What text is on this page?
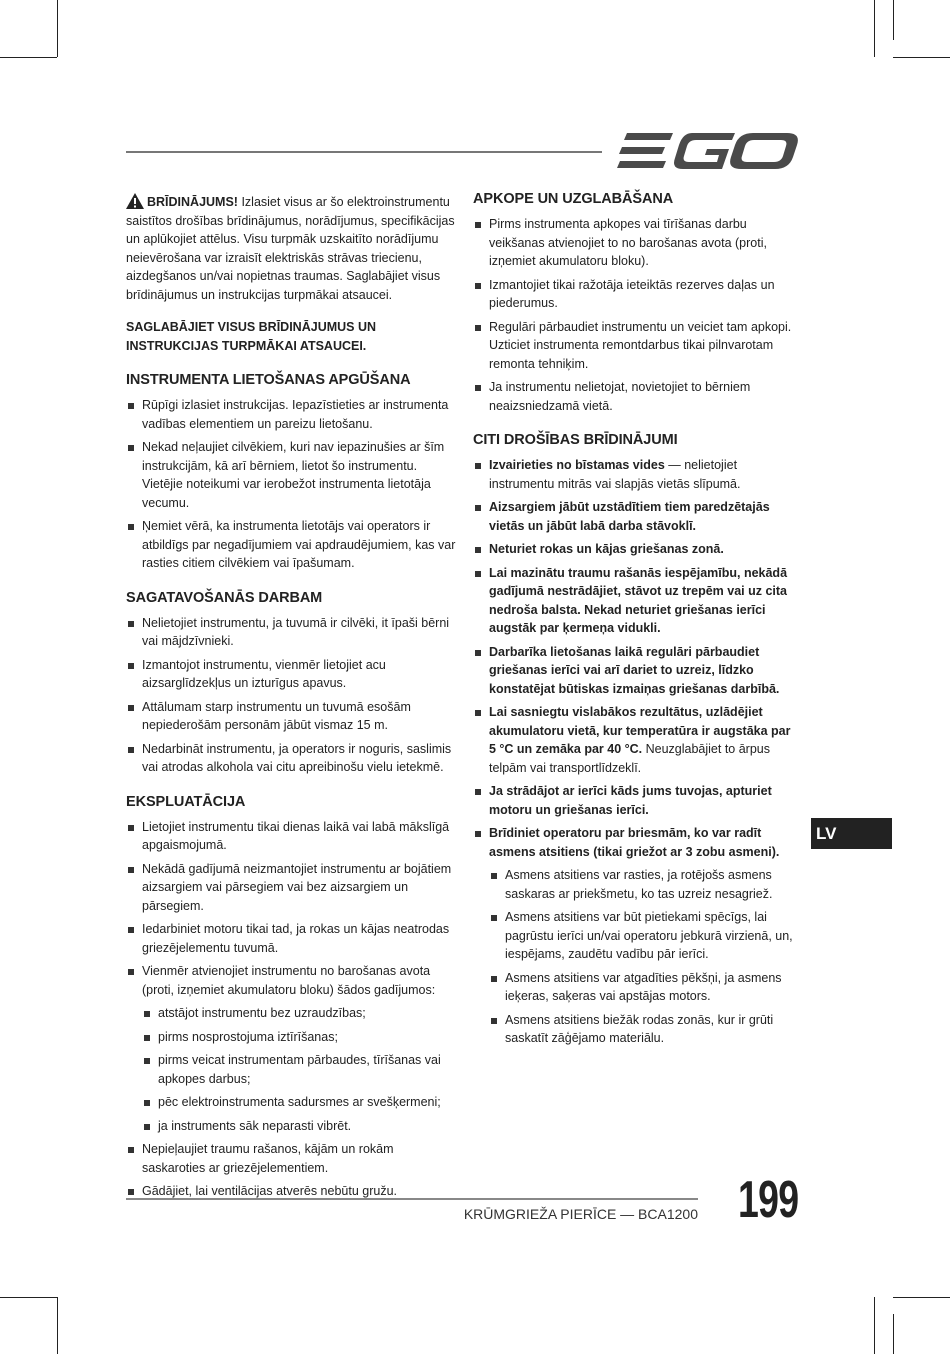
BRĪDINĀJUMS! Izlasiet visus ar šo elektroinstrumentu saistītos drošības brīdinājumus, norādījumus, specifikācijas un aplūkojiet attēlus. Visu turpmāk uzskaitīto norādījumu neievērošana var izraisīt elektriskās strāvas triecienu, aizdegšanos un/vai nopietnas traumas. Saglabājiet visus brīdinājumus un instrukcijas turpmākai atsaucei.

SAGLABĀJIET VISUS BRĪDINĀJUMUS UN INSTRUKCIJAS TURPMĀKAI ATSAUCEI.

INSTRUMENTA LIETOŠANAS APGŪŠANA
Rūpīgi izlasiet instrukcijas. Iepazīstieties ar instrumenta vadības elementiem un pareizu lietošanu.
Nekad neļaujiet cilvēkiem, kuri nav iepazinušies ar šīm instrukcijām, kā arī bērniem, lietot šo instrumentu. Vietējie noteikumi var ierobežot instrumenta lietotāja vecumu.
Ņemiet vērā, ka instrumenta lietotājs vai operators ir atbildīgs par negadījumiem vai apdraudējumiem, kas var rasties citiem cilvēkiem vai īpašumam.
SAGATAVOŠANĀS DARBAM
Nelietojiet instrumentu, ja tuvumā ir cilvēki, it īpaši bērni vai mājdzīvnieki.
Izmantojot instrumentu, vienmēr lietojiet acu aizsarglīdzekļus un izturīgus apavus.
Attālumam starp instrumentu un tuvumā esošām nepiederošām personām jābūt vismaz 15 m.
Nedarbināt instrumentu, ja operators ir noguris, saslimis vai atrodas alkohola vai citu apreibinošu vielu ietekmē.
EKSPLUATĀCIJA
Lietojiet instrumentu tikai dienas laikā vai labā mākslīgā apgaismojumā.
Nekādā gadījumā neizmantojiet instrumentu ar bojātiem aizsargiem vai pārsegiem vai bez aizsargiem un pārsegiem.
Iedarbiniet motoru tikai tad, ja rokas un kājas neatrodas griezējelementu tuvumā.
Vienmēr atvienojiet instrumentu no barošanas avota (proti, izņemiet akumulatoru bloku) šādos gadījumos:
atstājot instrumentu bez uzraudzības;
pirms nosprostojuma iztīrīšanas;
pirms veicat instrumentam pārbaudes, tīrīšanas vai apkopes darbus;
pēc elektroinstrumenta sadursmes ar svešķermeni;
ja instruments sāk neparasti vibrēt.
Nepieļaujiet traumu rašanos, kājām un rokām saskaroties ar griezējelementiem.
Gādājiet, lai ventilācijas atverēs nebūtu gružu.
APKOPE UN UZGLABĀŠANA
Pirms instrumenta apkopes vai tīrīšanas darbu veikšanas atvienojiet to no barošanas avota (proti, izņemiet akumulatoru bloku).
Izmantojiet tikai ražotāja ieteiktās rezerves daļas un piederumus.
Regulāri pārbaudiet instrumentu un veiciet tam apkopi. Uzticiet instrumenta remontdarbus tikai pilnvarotam remonta tehniķim.
Ja instrumentu nelietojat, novietojiet to bērniem neaizsniedzamā vietā.
CITI DROŠĪBAS BRĪDINĀJUMI
Izvairieties no bīstamas vides — nelietojiet instrumentu mitrās vai slapjās vietās slīpumā.
Aizsargiem jābūt uzstādītiem tiem paredzētajās vietās un jābūt labā darba stāvoklī.
Neturiet rokas un kājas griešanas zonā.
Lai mazinātu traumu rašanās iespējamību, nekādā gadījumā nestrādājiet, stāvot uz trepēm vai uz cita nedroša balsta. Nekad neturiet griešanas ierīci augstāk par ķermeņa vidukli.
Darbarīka lietošanas laikā regulāri pārbaudiet griešanas ierīci vai arī dariet to uzreiz, līdzko konstatējat būtiskas izmaiņas griešanas darbībā.
Lai sasniegtu vislabākos rezultātus, uzlādējiet akumulatoru vietā, kur temperatūra ir augstāka par 5 °C un zemāka par 40 °C. Neuzglabājiet to ārpus telpām vai transportlīdzeklī.
Ja strādājot ar ierīci kāds jums tuvojas, apturiet motoru un griešanas ierīci.
Brīdiniet operatoru par briesmām, ko var radīt asmens atsitiens (tikai griežot ar 3 zobu asmeni).
Asmens atsitiens var rasties, ja rotējošs asmens saskaras ar priekšmetu, ko tas uzreiz nesagriež.
Asmens atsitiens var būt pietiekami spēcīgs, lai pagrūstu ierīci un/vai operatoru jebkurā virzienā, un, iespējams, zaudētu vadību pār ierīci.
Asmens atsitiens var atgadīties pēkšņi, ja asmens ieķeras, saķeras vai apstājas motors.
Asmens atsitiens biežāk rodas zonās, kur ir grūti saskatīt zāģējamo materiālu.
LV
KRŪMGRIEŽA PIERĪCE — BCA1200 199
